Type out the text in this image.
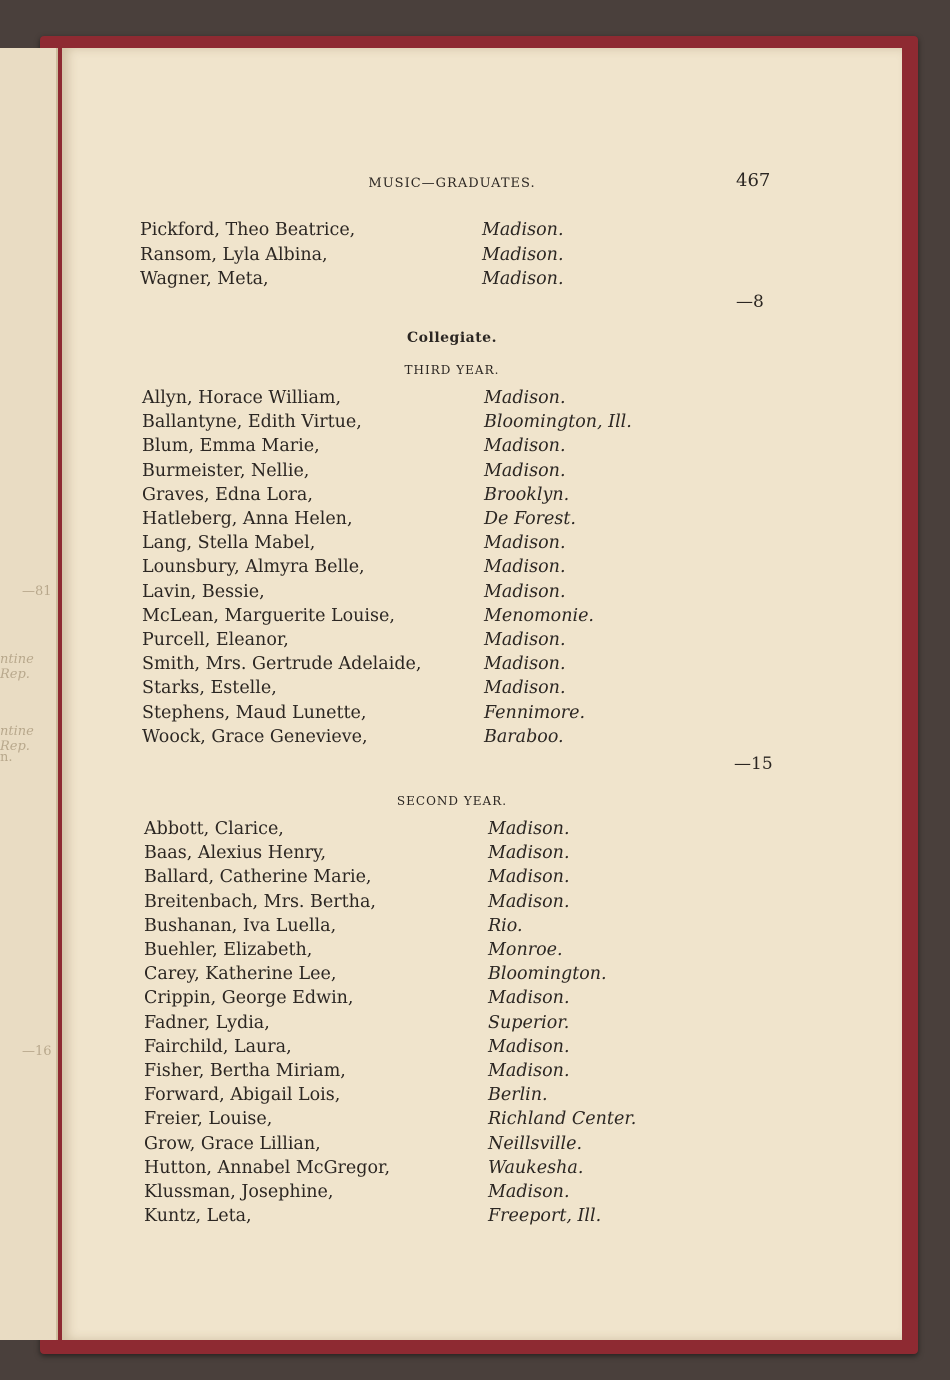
—81
ntine Rep.
ntine Rep.
n.
—16
MUSIC—GRADUATES.	467
Pickford, Theo Beatrice,	Madison.
Ransom, Lyla Albina,	Madison.
Wagner, Meta,	Madison.
—8
Collegiate.
THIRD YEAR.
Allyn, Horace William,	Madison.
Ballantyne, Edith Virtue,	Bloomington, Ill.
Blum, Emma Marie,	Madison.
Burmeister, Nellie,	Madison.
Graves, Edna Lora,	Brooklyn.
Hatleberg, Anna Helen,	De Forest.
Lang, Stella Mabel,	Madison.
Lounsbury, Almyra Belle,	Madison.
Lavin, Bessie,	Madison.
McLean, Marguerite Louise,	Menomonie.
Purcell, Eleanor,	Madison.
Smith, Mrs. Gertrude Adelaide,	Madison.
Starks, Estelle,	Madison.
Stephens, Maud Lunette,	Fennimore.
Woock, Grace Genevieve,	Baraboo.
—15
SECOND YEAR.
Abbott, Clarice,	Madison.
Baas, Alexius Henry,	Madison.
Ballard, Catherine Marie,	Madison.
Breitenbach, Mrs. Bertha,	Madison.
Bushanan, Iva Luella,	Rio.
Buehler, Elizabeth,	Monroe.
Carey, Katherine Lee,	Bloomington.
Crippin, George Edwin,	Madison.
Fadner, Lydia,	Superior.
Fairchild, Laura,	Madison.
Fisher, Bertha Miriam,	Madison.
Forward, Abigail Lois,	Berlin.
Freier, Louise,	Richland Center.
Grow, Grace Lillian,	Neillsville.
Hutton, Annabel McGregor,	Waukesha.
Klussman, Josephine,	Madison.
Kuntz, Leta,	Freeport, Ill.
